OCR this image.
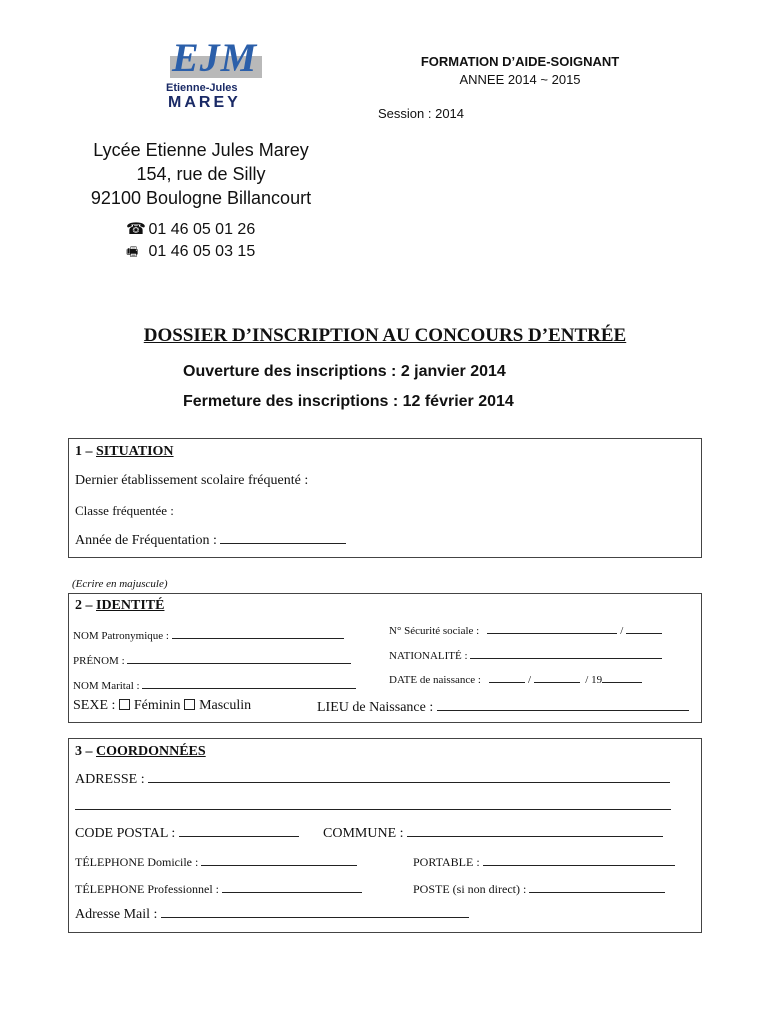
EJM
Etienne-Jules
MAREY
FORMATION D’AIDE-SOIGNANT
ANNEE 2014 ~ 2015
Session : 2014
Lycée Etienne Jules Marey
154, rue de Silly
92100 Boulogne Billancourt
☎ 01 46 05 01 26
🖷 01 46 05 03 15
DOSSIER D’INSCRIPTION AU CONCOURS D’ENTRÉE
Ouverture des inscriptions : 2 janvier 2014
Fermeture des inscriptions : 12 février 2014
1 – SITUATION
Dernier établissement scolaire fréquenté :
Classe fréquentée :
Année de Fréquentation :
(Ecrire en majuscule)
2 – IDENTITÉ
NOM Patronymique :
PRÉNOM :
NOM Marital :
N° Sécurité sociale :	/
NATIONALITÉ :
DATE de naissance :	/	/ 19
SEXE : Féminin Masculin	LIEU de Naissance :
3 – COORDONNÉES
ADRESSE :
CODE POSTAL :	COMMUNE :
TÉLEPHONE Domicile :	PORTABLE :
TÉLEPHONE Professionnel :	POSTE (si non direct) :
Adresse Mail :
